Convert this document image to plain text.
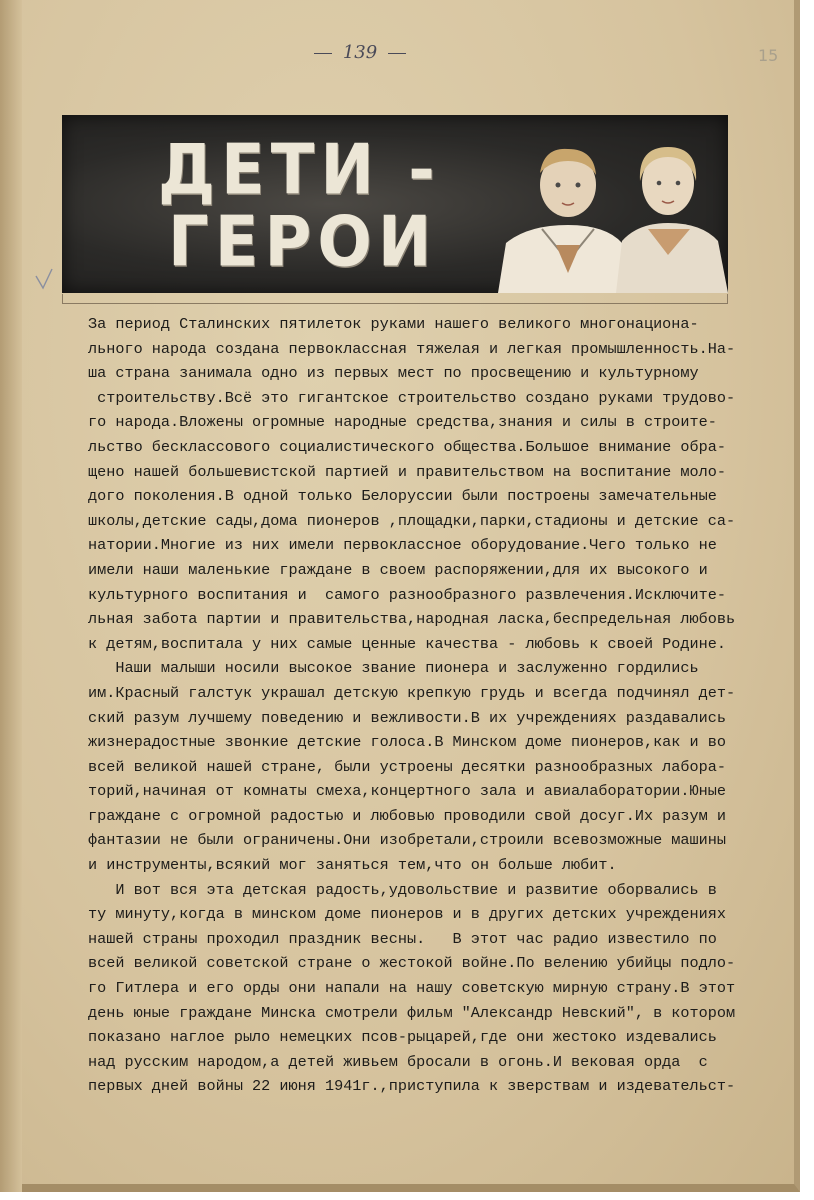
139	15
ДЕТИ -
ГЕРОИ
За период Сталинских пятилеток руками нашего великого многонациона-
льного народа создана первоклассная тяжелая и легкая промышленность.На-
ша страна занимала одно из первых мест по просвещению и культурному
строительству.Всё это гигантское строительство создано руками трудово-
го народа.Вложены огромные народные средства,знания и силы в строите-
льство бесклассового социалистического общества.Большое внимание обра-
щено нашей большевистской партией и правительством на воспитание моло-
дого поколения.В одной только Белоруссии были построены замечательные
школы,детские сады,дома пионеров ,площадки,парки,стадионы и детские са-
натории.Многие из них имели первоклассное оборудование.Чего только не
имели наши маленькие граждане в своем распоряжении,для их высокого и
культурного воспитания и  самого разнообразного развлечения.Исключите-
льная забота партии и правительства,народная ласка,беспредельная любовь
к детям,воспитала у них самые ценные качества - любовь к своей Родине.
Наши малыши носили высокое звание пионера и заслуженно гордились
им.Красный галстук украшал детскую крепкую грудь и всегда подчинял дет-
ский разум лучшему поведению и вежливости.В их учреждениях раздавались
жизнерадостные звонкие детские голоса.В Минском доме пионеров,как и во
всей великой нашей стране, были устроены десятки разнообразных лабора-
торий,начиная от комнаты смеха,концертного зала и авиалаборатории.Юные
граждане с огромной радостью и любовью проводили свой досуг.Их разум и
фантазии не были ограничены.Они изобретали,строили всевозможные машины
и инструменты,всякий мог заняться тем,что он больше любит.
И вот вся эта детская радость,удовольствие и развитие оборвались в
ту минуту,когда в минском доме пионеров и в других детских учреждениях
нашей страны проходил праздник весны.   В этот час радио известило по
всей великой советской стране о жестокой войне.По велению убийцы подло-
го Гитлера и его орды они напали на нашу советскую мирную страну.В этот
день юные граждане Минска смотрели фильм "Александр Невский", в котором
показано наглое рыло немецких псов-рыцарей,где они жестоко издевались
над русским народом,а детей живьем бросали в огонь.И вековая орда  с
первых дней войны 22 июня 1941г.,приступила к зверствам и издевательст-
